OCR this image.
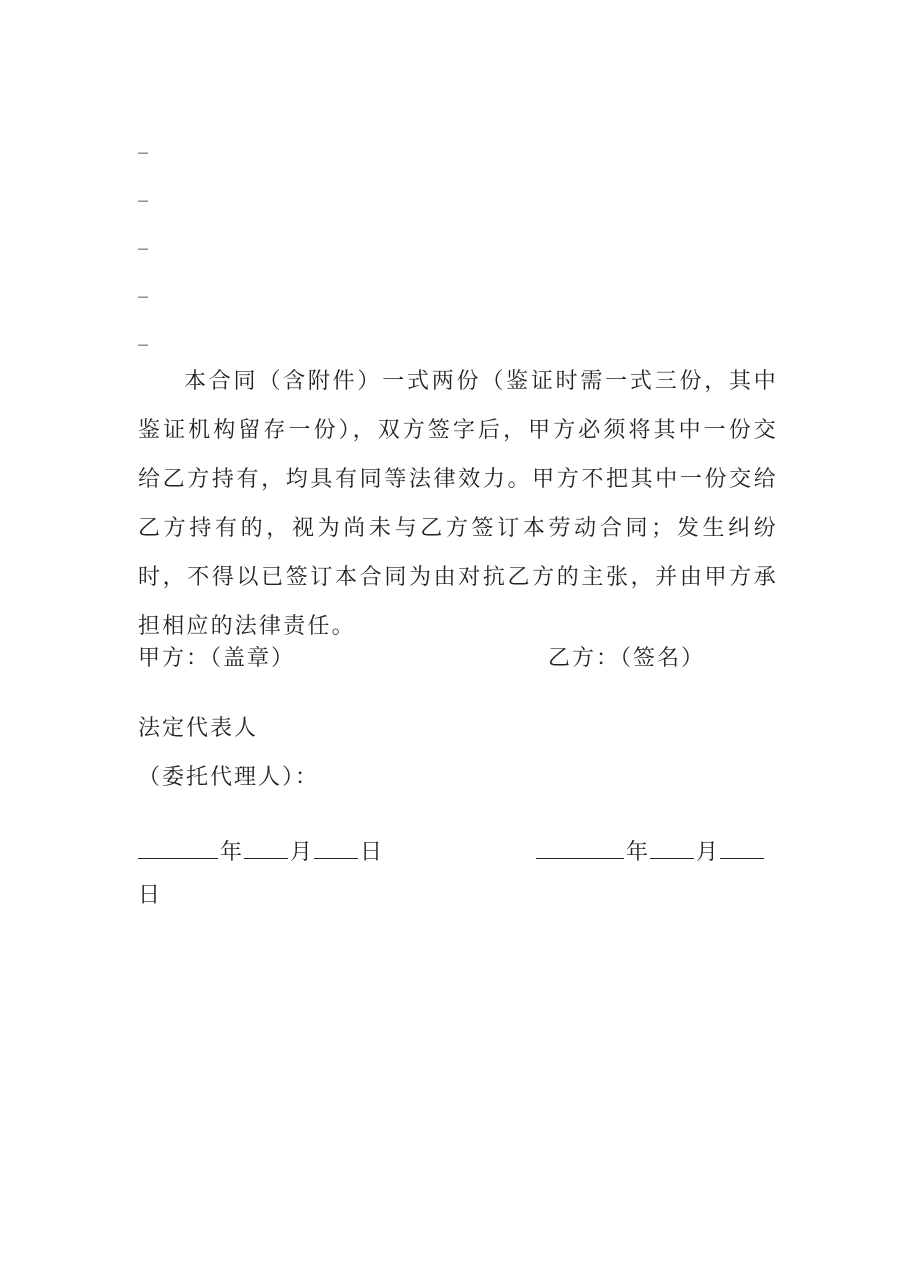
_
_
_
_
_

本合同（含附件）一式两份（鉴证时需一式三份，其中鉴证机构留存一份），双方签字后，甲方必须将其中一份交给乙方持有，均具有同等法律效力。甲方不把其中一份交给乙方持有的，视为尚未与乙方签订本劳动合同；发生纠纷时，不得以已签订本合同为由对抗乙方的主张，并由甲方承担相应的法律责任。

甲方：（盖章）	乙方：（签名）
法定代表人
（委托代理人）：
年 月 日	年 月
日
